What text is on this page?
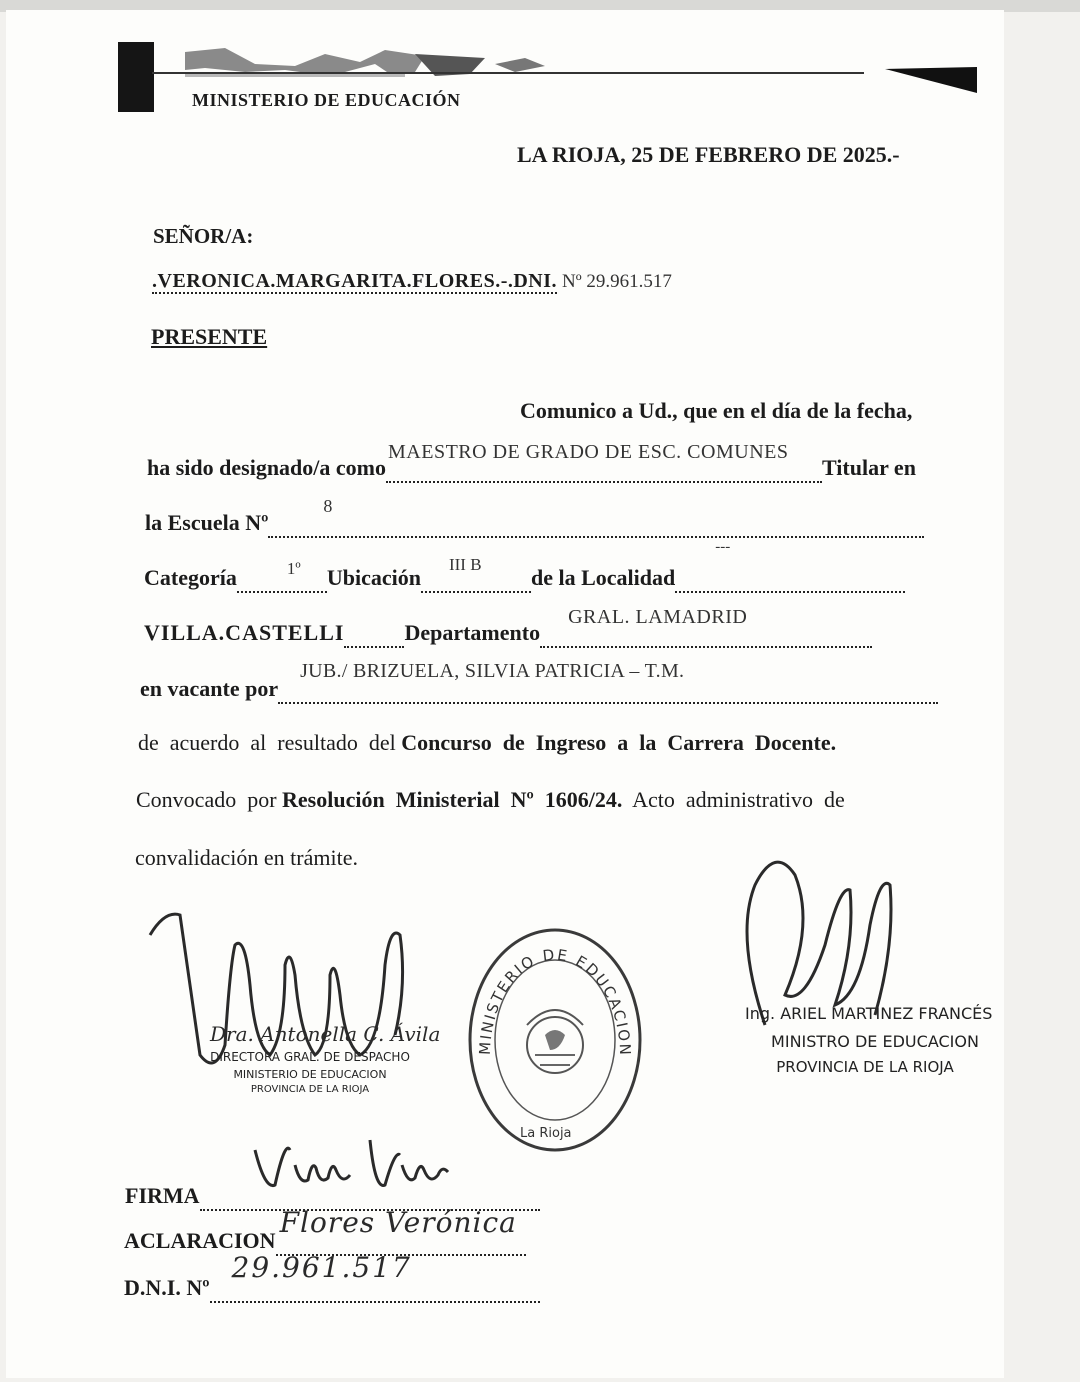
MINISTERIO DE EDUCACIÓN
LA RIOJA, 25 DE FEBRERO DE 2025.-
SEÑOR/A:
.VERONICA.MARGARITA.FLORES.-.DNI. Nº 29.961.517
PRESENTE
Comunico a Ud., que en el día de la fecha,
ha sido designado/a como
MAESTRO DE GRADO DE ESC. COMUNES
Titular en
la Escuela Nº
8

Categoría	1º Ubicación
III B
de la Localidad
---

VILLA.CASTELLI	Departamento
GRAL. LAMADRID

en vacante por
JUB./ BRIZUELA, SILVIA PATRICIA – T.M.

de  acuerdo  al  resultado  del Concurso  de  Ingreso  a  la  Carrera  Docente.
Convocado  por Resolución  Ministerial  Nº  1606/24.  Acto  administrativo  de
convalidación en trámite.
Dra. Antonella C. Ávila
DIRECTORA GRAL. DE DESPACHO
MINISTERIO DE EDUCACION
PROVINCIA DE LA RIOJA
MINISTERIO DE EDUCACION
La Rioja
Ing. ARIEL MARTINEZ FRANCÉS
MINISTRO DE EDUCACION
PROVINCIA DE LA RIOJA
FIRMA
ACLARACION
Flores Verónica

D.N.I. Nº
29.961.517
